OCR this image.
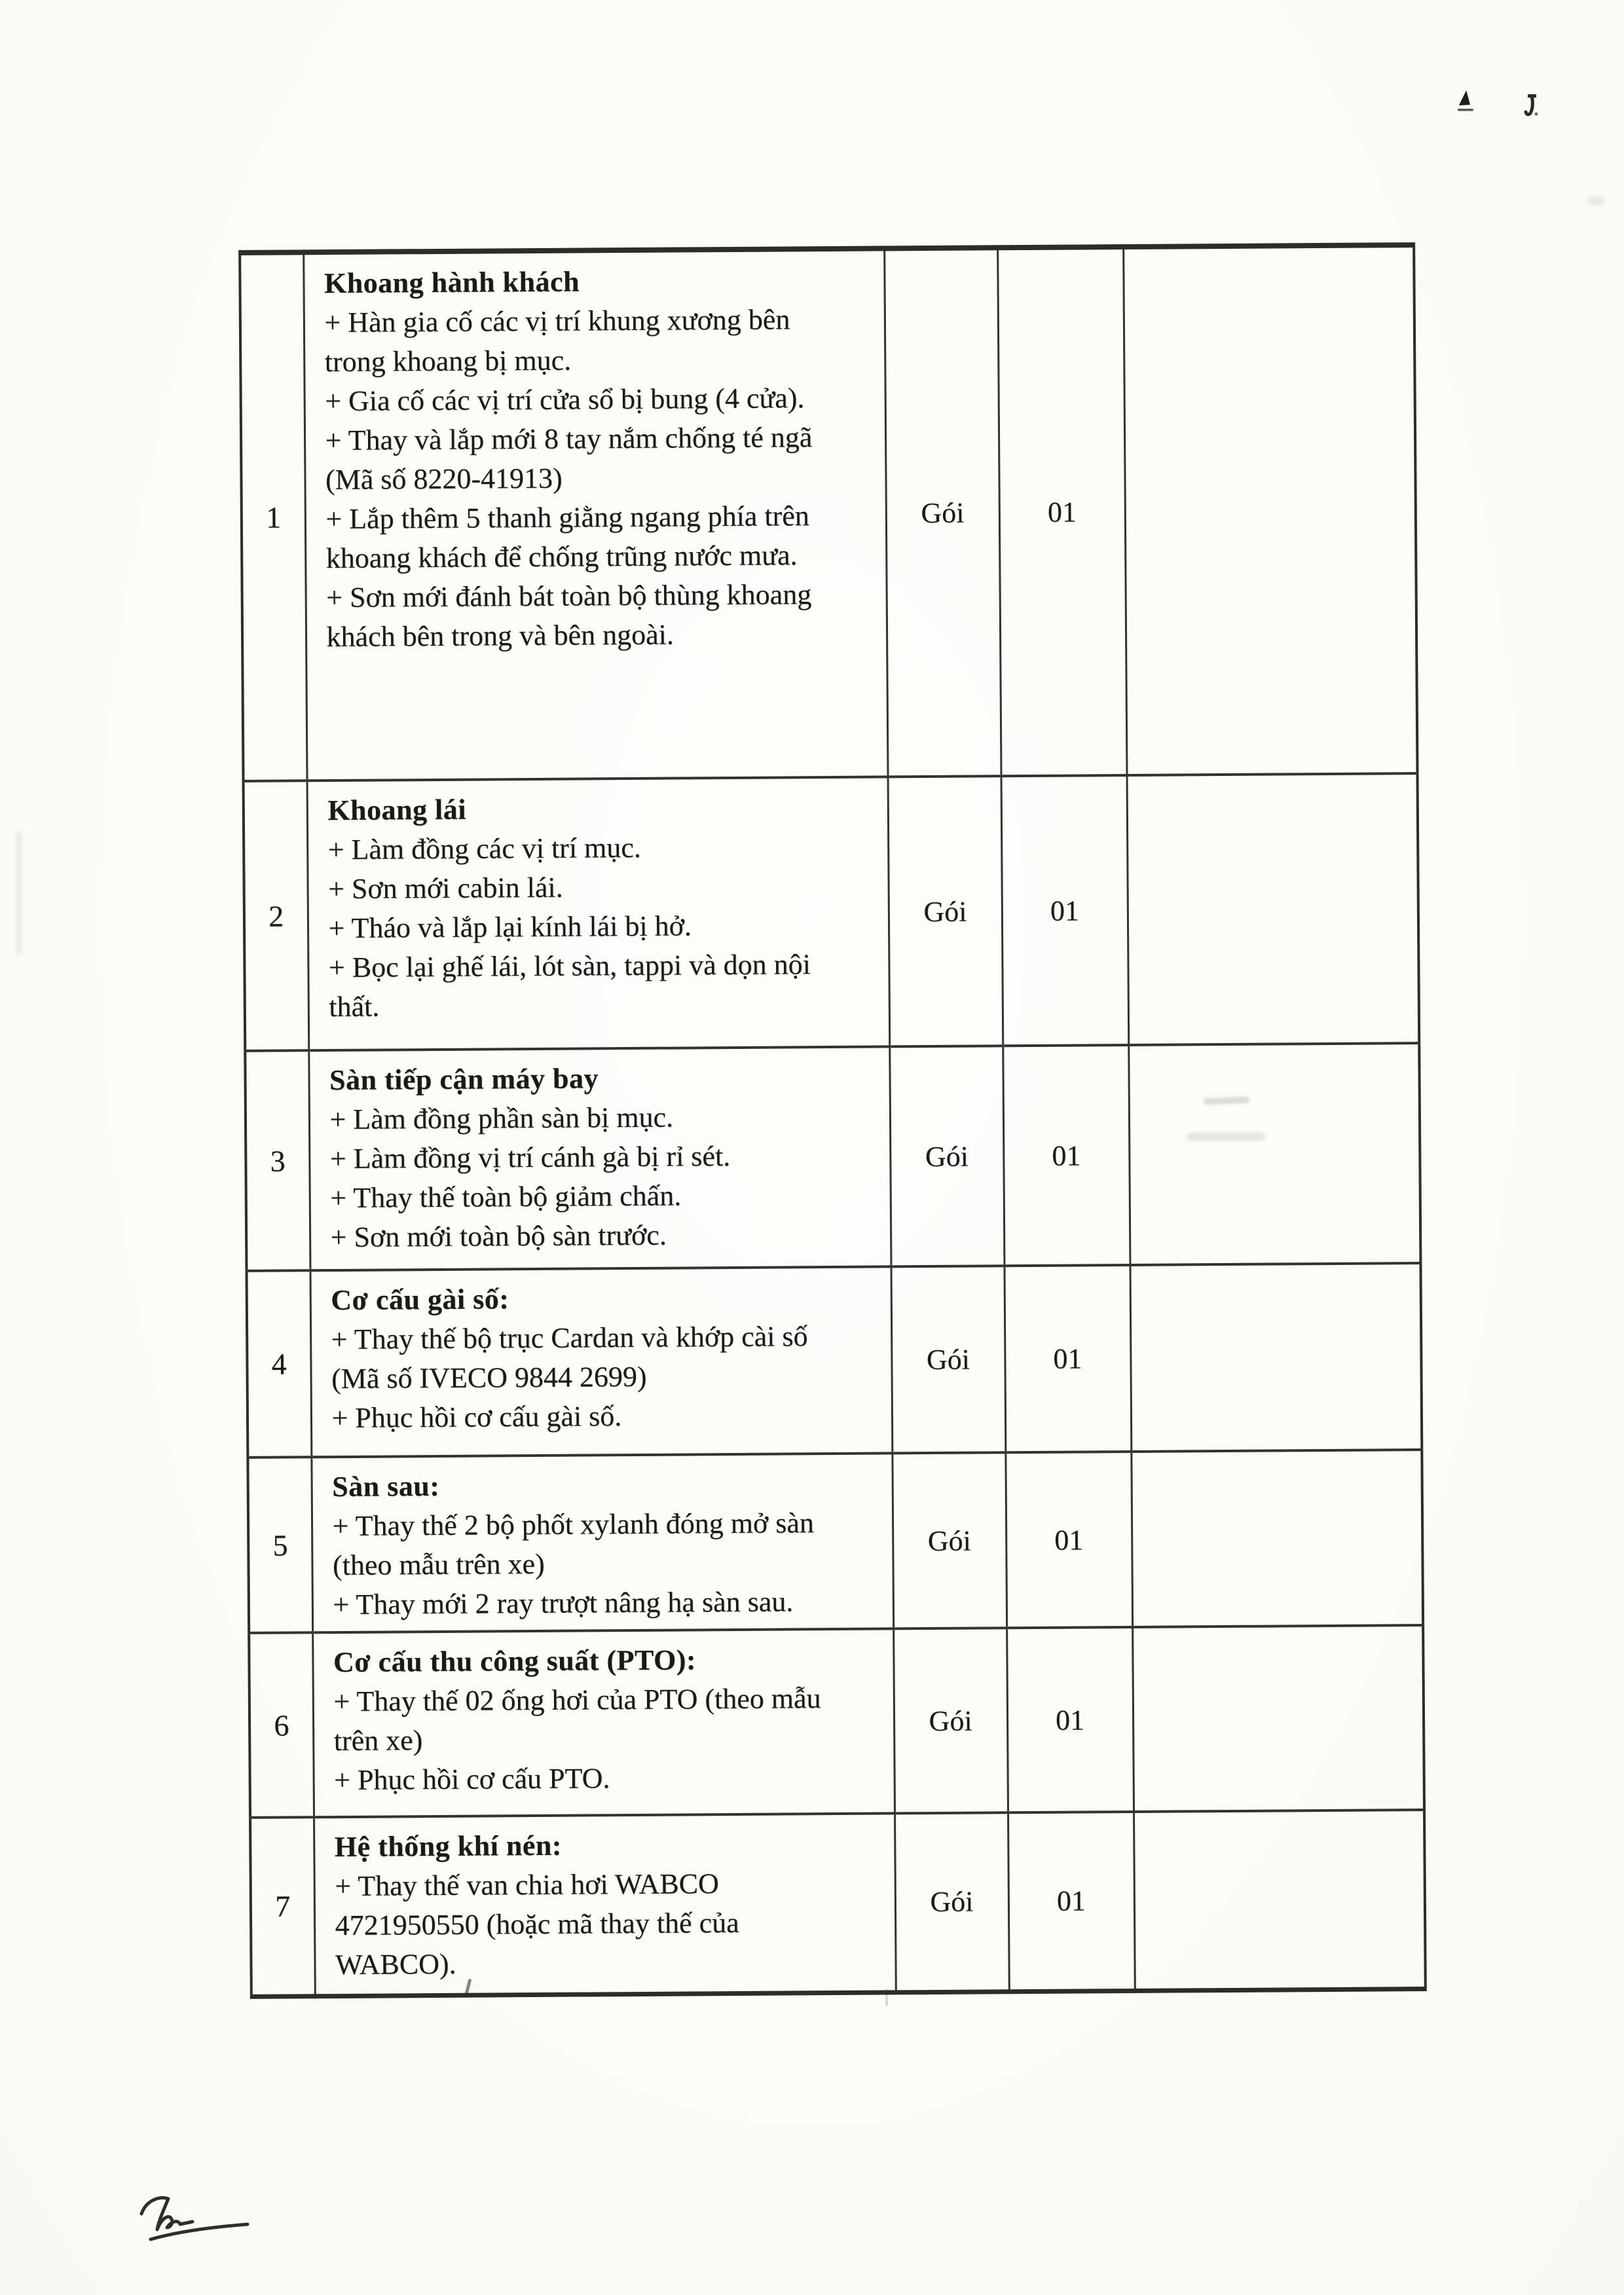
1	
Khoang hành khách
+ Hàn gia cố các vị trí khung xương bên trong khoang bị mục.
+ Gia cố các vị trí cửa sổ bị bung (4 cửa).
+ Thay và lắp mới 8 tay nắm chống té ngã (Mã số 8220-41913)
+ Lắp thêm 5 thanh giằng ngang phía trên khoang khách để chống trũng nước mưa.
+ Sơn mới đánh bát toàn bộ thùng khoang khách bên trong và bên ngoài.
	Gói	01	
2	Khoang lái
+ Làm đồng các vị trí mục.
+ Sơn mới cabin lái.
+ Tháo và lắp lại kính lái bị hở.
+ Bọc lại ghế lái, lót sàn, tappi và dọn nội thất.	Gói	01	
3	Sàn tiếp cận máy bay
+ Làm đồng phần sàn bị mục.
+ Làm đồng vị trí cánh gà bị rỉ sét.
+ Thay thế toàn bộ giảm chấn.
+ Sơn mới toàn bộ sàn trước.	Gói	01	
4	Cơ cấu gài số:
+ Thay thế bộ trục Cardan và khớp cài số (Mã số IVECO 9844 2699)
+ Phục hồi cơ cấu gài số.	Gói	01	
5	Sàn sau:
+ Thay thế 2 bộ phốt xylanh đóng mở sàn (theo mẫu trên xe)
+ Thay mới 2 ray trượt nâng hạ sàn sau.	Gói	01	
6	Cơ cấu thu công suất (PTO):
+ Thay thế 02 ống hơi của PTO (theo mẫu trên xe)
+ Phục hồi cơ cấu PTO.	Gói	01	
7	Hệ thống khí nén:
+ Thay thế van chia hơi WABCO 4721950550 (hoặc mã thay thế của WABCO).	Gói	01	
